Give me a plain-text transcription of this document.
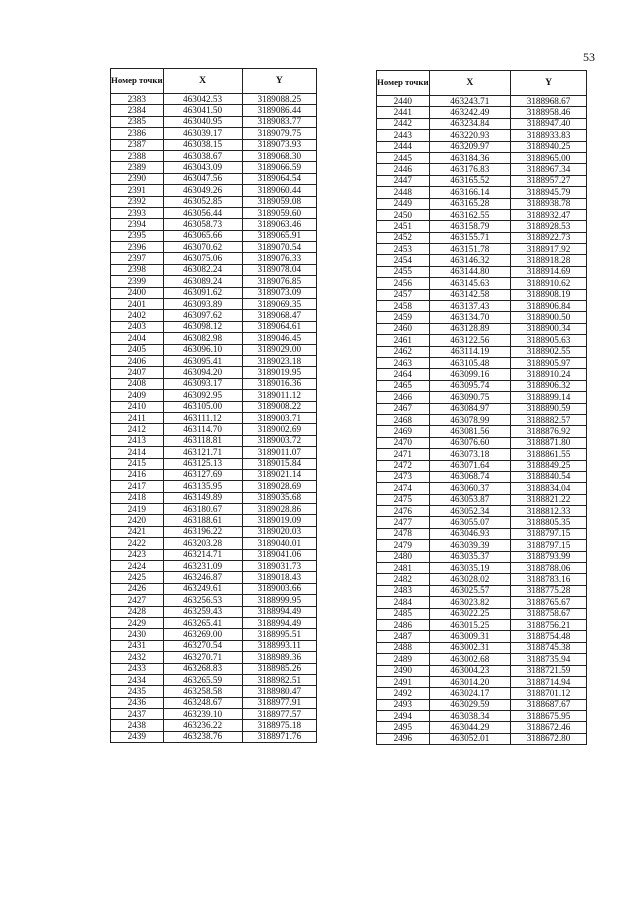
53
Номер точки	X	Y
2383	463042.53	3189088.25
2384	463041.50	3189086.44
2385	463040.95	3189083.77
2386	463039.17	3189079.75
2387	463038.15	3189073.93
2388	463038.67	3189068.30
2389	463043.09	3189066.59
2390	463047.56	3189064.54
2391	463049.26	3189060.44
2392	463052.85	3189059.08
2393	463056.44	3189059.60
2394	463058.73	3189063.46
2395	463065.66	3189065.91
2396	463070.62	3189070.54
2397	463075.06	3189076.33
2398	463082.24	3189078.04
2399	463089.24	3189076.85
2400	463091.62	3189073.09
2401	463093.89	3189069.35
2402	463097.62	3189068.47
2403	463098.12	3189064.61
2404	463082.98	3189046.45
2405	463096.10	3189029.00
2406	463095.41	3189023.18
2407	463094.20	3189019.95
2408	463093.17	3189016.36
2409	463092.95	3189011.12
2410	463105.00	3189008.22
2411	463111.12	3189003.71
2412	463114.70	3189002.69
2413	463118.81	3189003.72
2414	463121.71	3189011.07
2415	463125.13	3189015.84
2416	463127.69	3189021.14
2417	463135.95	3189028.69
2418	463149.89	3189035.68
2419	463180.67	3189028.86
2420	463188.61	3189019.09
2421	463196.22	3189020.03
2422	463203.28	3189040.01
2423	463214.71	3189041.06
2424	463231.09	3189031.73
2425	463246.87	3189018.43
2426	463249.61	3189003.66
2427	463256.53	3188999.95
2428	463259.43	3188994.49
2429	463265.41	3188994.49
2430	463269.00	3188995.51
2431	463270.54	3188993.11
2432	463270.71	3188989.36
2433	463268.83	3188985.26
2434	463265.59	3188982.51
2435	463258.58	3188980.47
2436	463248.67	3188977.91
2437	463239.10	3188977.57
2438	463236.22	3188975.18
2439	463238.76	3188971.76
Номер точки	X	Y
2440	463243.71	3188968.67
2441	463242.49	3188958.46
2442	463234.84	3188947.40
2443	463220.93	3188933.83
2444	463209.97	3188940.25
2445	463184.36	3188965.00
2446	463176.83	3188967.34
2447	463165.52	3188957.27
2448	463166.14	3188945.79
2449	463165.28	3188938.78
2450	463162.55	3188932.47
2451	463158.79	3188928.53
2452	463155.71	3188922.73
2453	463151.78	3188917.92
2454	463146.32	3188918.28
2455	463144.80	3188914.69
2456	463145.63	3188910.62
2457	463142.58	3188908.19
2458	463137.43	3188906.84
2459	463134.70	3188900.50
2460	463128.89	3188900.34
2461	463122.56	3188905.63
2462	463114.19	3188902.55
2463	463105.48	3188905.97
2464	463099.16	3188910.24
2465	463095.74	3188906.32
2466	463090.75	3188899.14
2467	463084.97	3188890.59
2468	463078.99	3188882.57
2469	463081.56	3188876.92
2470	463076.60	3188871.80
2471	463073.18	3188861.55
2472	463071.64	3188849.25
2473	463068.74	3188840.54
2474	463060.37	3188834.04
2475	463053.87	3188821.22
2476	463052.34	3188812.33
2477	463055.07	3188805.35
2478	463046.93	3188797.15
2479	463039.39	3188797.15
2480	463035.37	3188793.99
2481	463035.19	3188788.06
2482	463028.02	3188783.16
2483	463025.57	3188775.28
2484	463023.82	3188765.67
2485	463022.25	3188758.67
2486	463015.25	3188756.21
2487	463009.31	3188754.48
2488	463002.31	3188745.38
2489	463002.68	3188735.94
2490	463004.23	3188721.59
2491	463014.20	3188714.94
2492	463024.17	3188701.12
2493	463029.59	3188687.67
2494	463038.34	3188675.95
2495	463044.29	3188672.46
2496	463052.01	3188672.80
